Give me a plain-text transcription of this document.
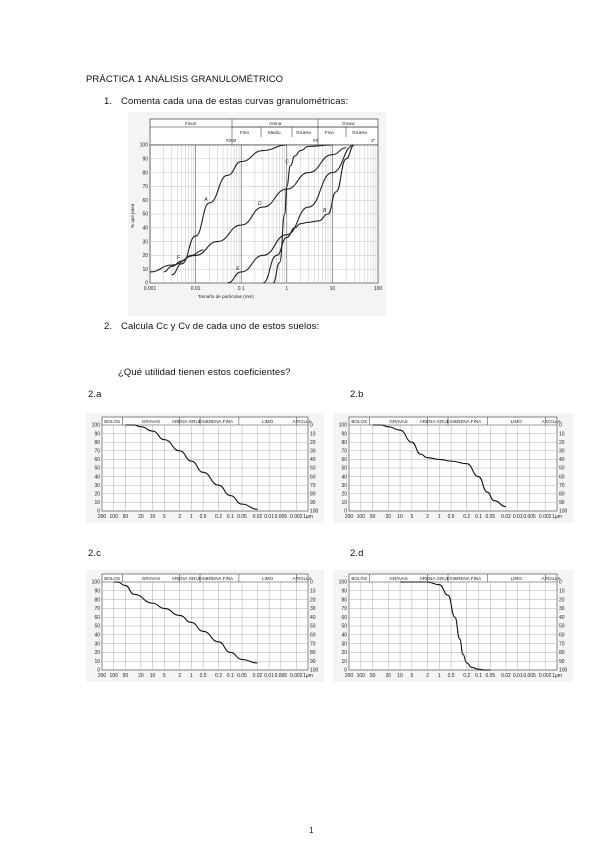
PRÁCTICA 1 ANÁLISIS GRANULOMÉTRICO
1. Comenta cada una de estas curvas granulométricas:
Finos	Arena	Grava
Fino	Medio	Grueso	Fino	Grueso
#200	#4	3"
100
90
80
70
60
50
40
30
20
10
0
0.001	0.01	0.1	1	10	100
A
B
C
D
E
F
% que pasa
Tamaño de partículas (mm)
2. Calcula Cc y Cv de cada uno de estos suelos:
¿Qué utilidad tienen estos coeficientes?
2.a	2.b
2.c	2.d
BOLOS	GRAVAS	ARENA GRUESA
ARENA FINA	LIMO	ARCILLA
100
90
80
70
60
50
40
30
20
10
0
0
10
20
30
40
50
60
70
80
90
100
200 100 50 20 10 5	2 1 0.5 0.2 0.1 0.05 0.02 0.01 0.005 0.002 1µm
BOLOS	GRAVAS	ARENA GRUESA
ARENA FINA	LIMO	ARCILLA
100
90
80
70
60
50
40
30
20
10
0
0
10
20
30
40
50
60
70
80
90
100
200 100 50 20 10 5	2 1 0.5 0.2 0.1 0.05 0.02 0.01 0.005 0.002 1µm
BOLOS	GRAVAS	ARENA GRUESA
ARENA FINA	LIMO	ARCILLA
100
90
80
70
60
50
40
30
20
10
0
0
10
20
30
40
50
60
70
80
90
100
200 100 50 20 10 5	2 1 0.5 0.2 0.1 0.05 0.02 0.01 0.005 0.002 1µm
BOLOS	GRAVAS	ARENA GRUESA
ARENA FINA	LIMO	ARCILLA
100
90
80
70
60
50
40
30
20
10
0
0
10
20
30
40
50
60
70
80
90
100
200 100 50 20 10 5	2 1 0.5 0.2 0.1 0.05 0.02 0.01 0.005 0.002 1µm
1
